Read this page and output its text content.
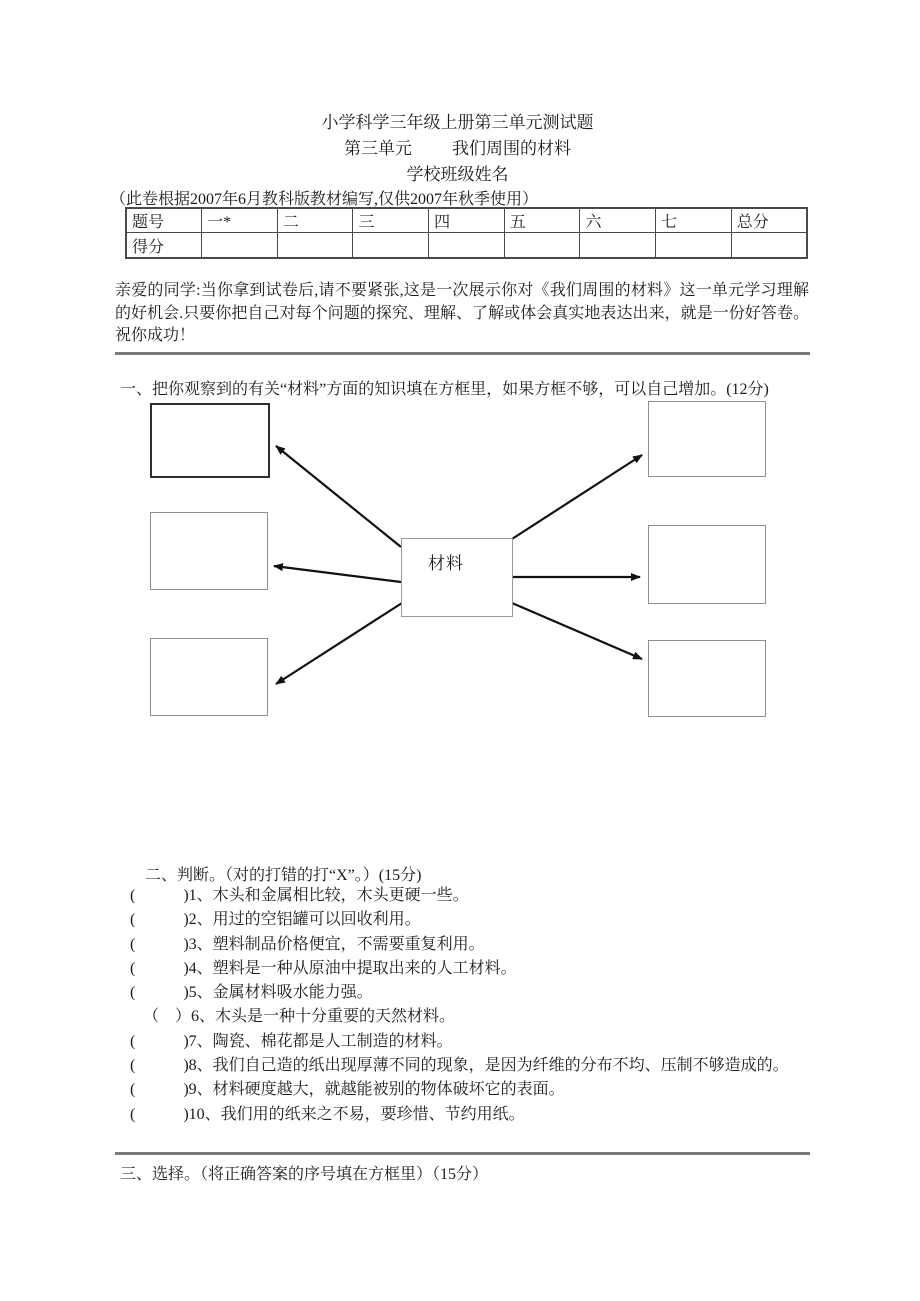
小学科学三年级上册第三单元测试题
第三单元 我们周围的材料
学校班级姓名
（此卷根据2007年6月教科版教材编写,仅供2007年秋季使用）
题号	一*	二	三	四	五	六	七	总分
得分								
亲爱的同学:当你拿到试卷后,请不要紧张,这是一次展示你对《我们周围的材料》这一单元学习理解的好机会.只要你把自己对每个问题的探究、理解、了解或体会真实地表达出来，就是一份好答卷。祝你成功！
一、把你观察到的有关“材料”方面的知识填在方框里，如果方框不够，可以自己增加。(12分)
材料
二、判断。（对的打错的打“X”。）(15分)
(　　　)1、木头和金属相比较，木头更硬一些。
(　　　)2、用过的空铝罐可以回收利用。
(　　　)3、塑料制品价格便宜，不需要重复利用。
(　　　)4、塑料是一种从原油中提取出来的人工材料。
(　　　)5、金属材料吸水能力强。
（　）6、木头是一种十分重要的天然材料。
(　　　)7、陶瓷、棉花都是人工制造的材料。
(　　　)8、我们自己造的纸出现厚薄不同的现象，是因为纤维的分布不均、压制不够造成的。
(　　　)9、材料硬度越大，就越能被别的物体破坏它的表面。
(　　　)10、我们用的纸来之不易，要珍惜、节约用纸。
三、选择。（将正确答案的序号填在方框里）（15分）
